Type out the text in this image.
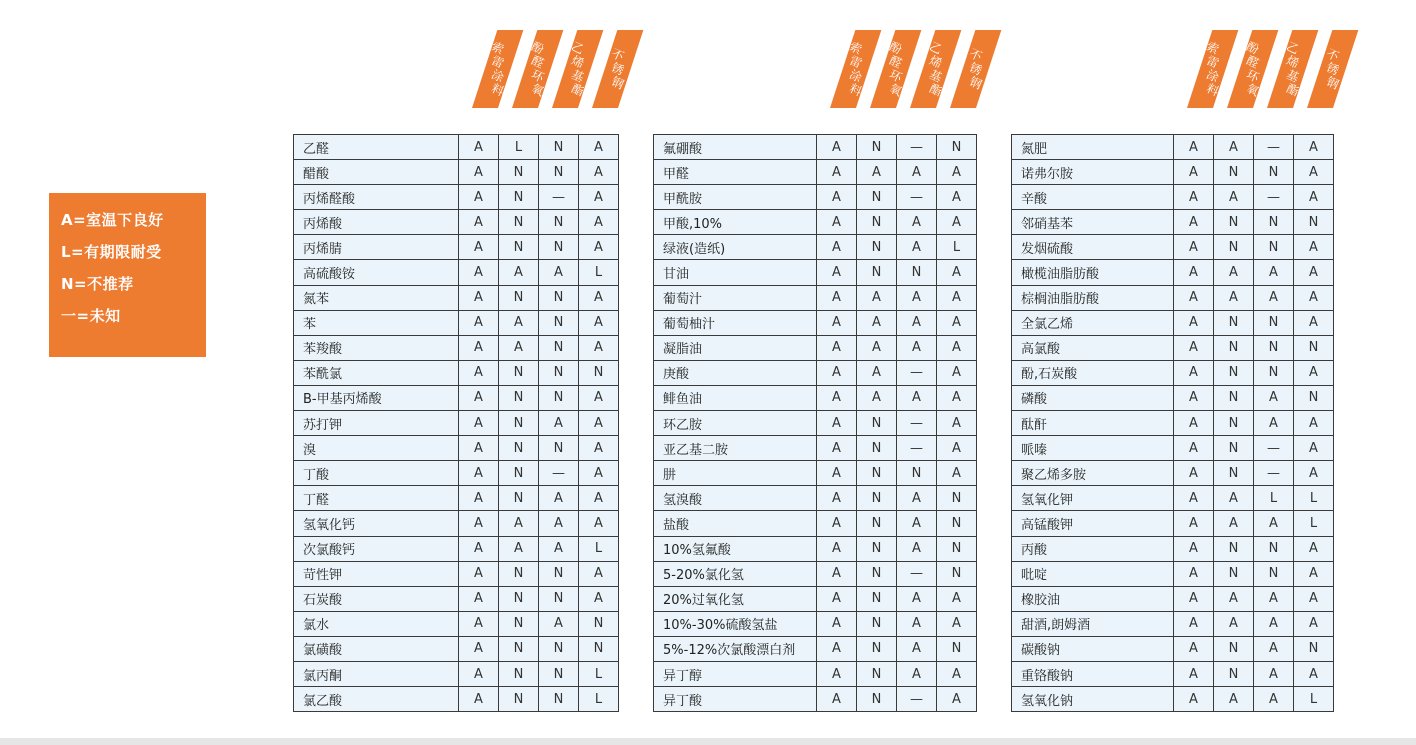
A=室温下良好
L=有期限耐受
N=不推荐
一=未知
索
雷
涂
料
酚
醛
环
氧
乙
烯
基
酯
不
锈
钢
乙醛	A	L	N	A
醋酸	A	N	N	A
丙烯醛酸	A	N	—	A
丙烯酸	A	N	N	A
丙烯腈	A	N	N	A
高硫酸铵	A	A	A	L
氮苯	A	N	N	A
苯	A	A	N	A
苯羧酸	A	A	N	A
苯酰氯	A	N	N	N
B-甲基丙烯酸	A	N	N	A
苏打钾	A	N	A	A
溴	A	N	N	A
丁酸	A	N	—	A
丁醛	A	N	A	A
氢氧化钙	A	A	A	A
次氯酸钙	A	A	A	L
苛性钾	A	N	N	A
石炭酸	A	N	N	A
氯水	A	N	A	N
氯磺酸	A	N	N	N
氯丙酮	A	N	N	L
氯乙酸	A	N	N	L
索
雷
涂
料
酚
醛
环
氧
乙
烯
基
酯
不
锈
钢
氟硼酸	A	N	—	N
甲醛	A	A	A	A
甲酰胺	A	N	—	A
甲酸,10%	A	N	A	A
绿液(造纸)	A	N	A	L
甘油	A	N	N	A
葡萄汁	A	A	A	A
葡萄柚汁	A	A	A	A
凝脂油	A	A	A	A
庚酸	A	A	—	A
鲱鱼油	A	A	A	A
环乙胺	A	N	—	A
亚乙基二胺	A	N	—	A
肼	A	N	N	A
氢溴酸	A	N	A	N
盐酸	A	N	A	N
10%氢氟酸	A	N	A	N
5-20%氯化氢	A	N	—	N
20%过氧化氢	A	N	A	A
10%-30%硫酸氢盐	A	N	A	A
5%-12%次氯酸漂白剂	A	N	A	N
异丁醇	A	N	A	A
异丁酸	A	N	—	A
索
雷
涂
料
酚
醛
环
氧
乙
烯
基
酯
不
锈
钢
氮肥	A	A	—	A
诺弗尔胺	A	N	N	A
辛酸	A	A	—	A
邻硝基苯	A	N	N	N
发烟硫酸	A	N	N	A
橄榄油脂肪酸	A	A	A	A
棕榈油脂肪酸	A	A	A	A
全氯乙烯	A	N	N	A
高氯酸	A	N	N	N
酚,石炭酸	A	N	N	A
磷酸	A	N	A	N
酞酐	A	N	A	A
哌嗪	A	N	—	A
聚乙烯多胺	A	N	—	A
氢氧化钾	A	A	L	L
高锰酸钾	A	A	A	L
丙酸	A	N	N	A
吡啶	A	N	N	A
橡胶油	A	A	A	A
甜酒,朗姆酒	A	A	A	A
碳酸钠	A	N	A	N
重铬酸钠	A	N	A	A
氢氧化钠	A	A	A	L
